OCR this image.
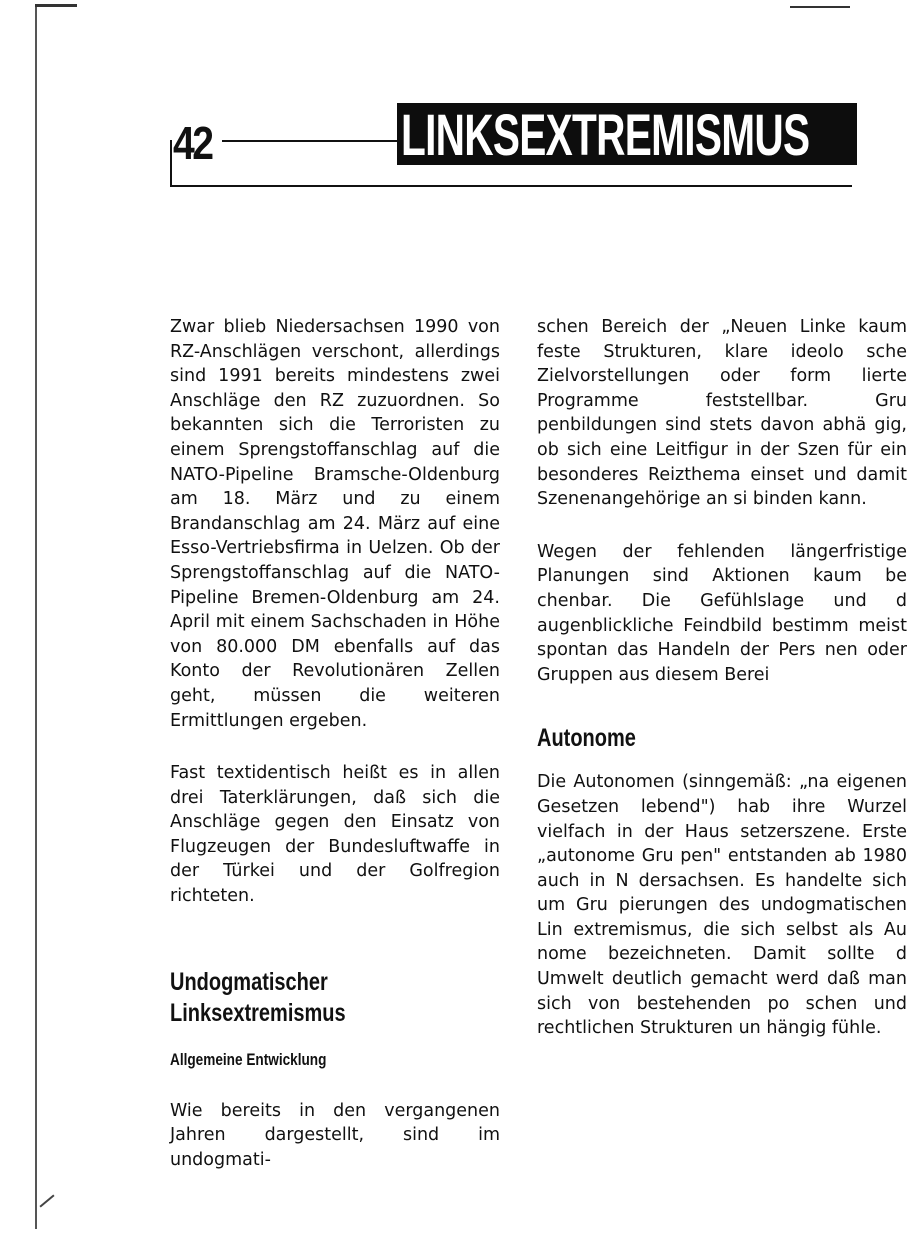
42	LINKSEXTREMISMUS

Zwar blieb Niedersachsen 1990 von RZ-Anschlägen verschont, allerdings sind 1991 bereits mindestens zwei Anschläge den RZ zuzuordnen. So bekannten sich die Terroristen zu einem Sprengstoffanschlag auf die NATO-Pipeline Bramsche-Oldenburg am 18. März und zu einem Brandanschlag am 24. März auf eine Esso-Vertriebsfirma in Uelzen. Ob der Sprengstoffanschlag auf die NATO-Pipeline Bremen-Oldenburg am 24. April mit einem Sachschaden in Höhe von 80.000 DM ebenfalls auf das Konto der Revolutionären Zellen geht, müssen die weiteren Ermittlungen ergeben.

Fast textidentisch heißt es in allen drei Taterklärungen, daß sich die Anschläge gegen den Einsatz von Flugzeugen der Bundesluftwaffe in der Türkei und der Golfregion richteten.

Undogmatischer
Linksextremismus
Allgemeine Entwicklung

Wie bereits in den vergangenen Jahren dargestellt, sind im undogmati-

schen Bereich der „Neuen Linke kaum feste Strukturen, klare ideolo sche Zielvorstellungen oder form lierte Programme feststellbar. Gru penbildungen sind stets davon abhä gig, ob sich eine Leitfigur in der Szen für ein besonderes Reizthema einset und damit Szenenangehörige an si binden kann.

Wegen der fehlenden längerfristige Planungen sind Aktionen kaum be chenbar. Die Gefühlslage und d augenblickliche Feindbild bestimm meist spontan das Handeln der Pers nen oder Gruppen aus diesem Berei

Autonome

Die Autonomen (sinngemäß: „na eigenen Gesetzen lebend") hab ihre Wurzel vielfach in der Haus setzerszene. Erste „autonome Gru pen" entstanden ab 1980 auch in N dersachsen. Es handelte sich um Gru pierungen des undogmatischen Lin extremismus, die sich selbst als Au nome bezeichneten. Damit sollte d Umwelt deutlich gemacht werd daß man sich von bestehenden po schen und rechtlichen Strukturen un hängig fühle.
